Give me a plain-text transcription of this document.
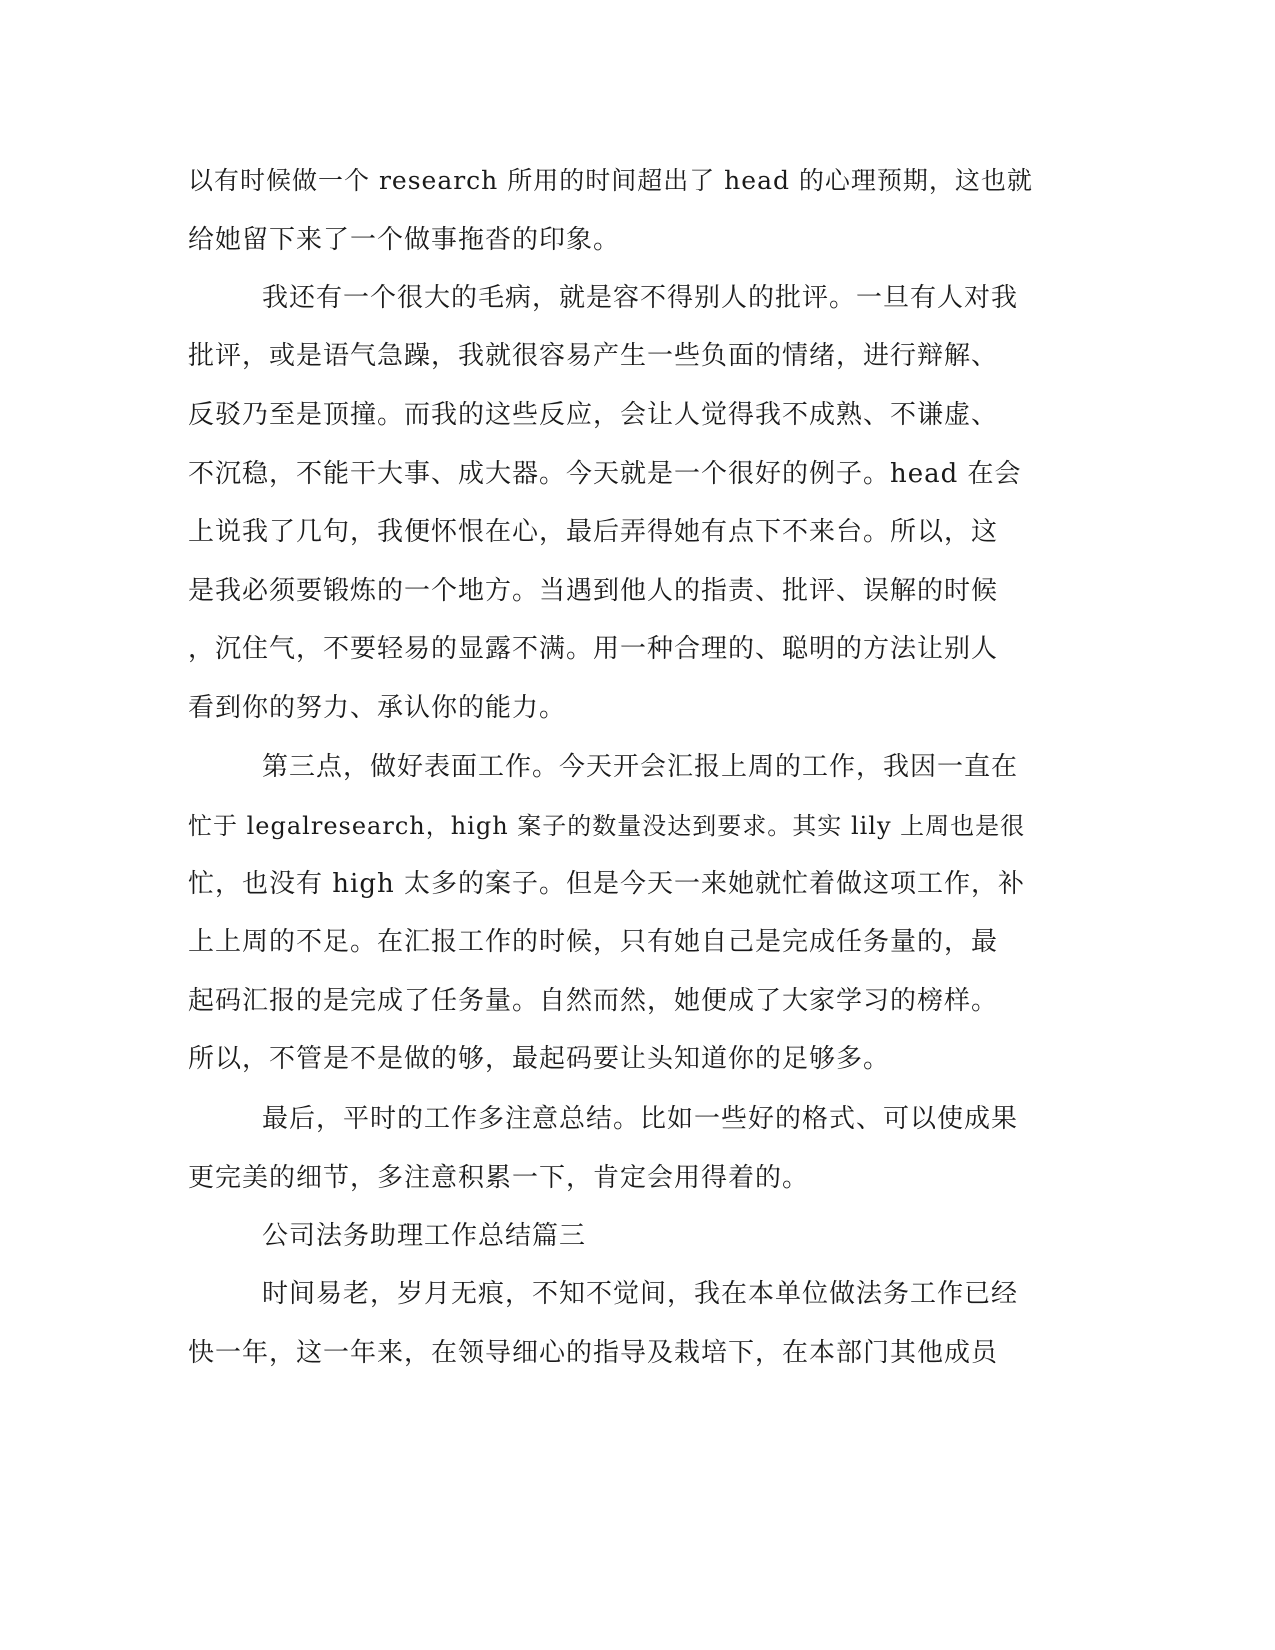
以有时候做一个 research 所用的时间超出了 head 的心理预期，这也就
给她留下来了一个做事拖沓的印象。
我还有一个很大的毛病，就是容不得别人的批评。一旦有人对我
批评，或是语气急躁，我就很容易产生一些负面的情绪，进行辩解、
反驳乃至是顶撞。而我的这些反应，会让人觉得我不成熟、不谦虚、
不沉稳，不能干大事、成大器。今天就是一个很好的例子。head 在会
上说我了几句，我便怀恨在心，最后弄得她有点下不来台。所以，这
是我必须要锻炼的一个地方。当遇到他人的指责、批评、误解的时候
，沉住气，不要轻易的显露不满。用一种合理的、聪明的方法让别人
看到你的努力、承认你的能力。
第三点，做好表面工作。今天开会汇报上周的工作，我因一直在
忙于 legalresearch，high 案子的数量没达到要求。其实 lily 上周也是很
忙，也没有 high 太多的案子。但是今天一来她就忙着做这项工作，补
上上周的不足。在汇报工作的时候，只有她自己是完成任务量的，最
起码汇报的是完成了任务量。自然而然，她便成了大家学习的榜样。
所以，不管是不是做的够，最起码要让头知道你的足够多。
最后，平时的工作多注意总结。比如一些好的格式、可以使成果
更完美的细节，多注意积累一下，肯定会用得着的。
公司法务助理工作总结篇三
时间易老，岁月无痕，不知不觉间，我在本单位做法务工作已经
快一年，这一年来，在领导细心的指导及栽培下，在本部门其他成员
